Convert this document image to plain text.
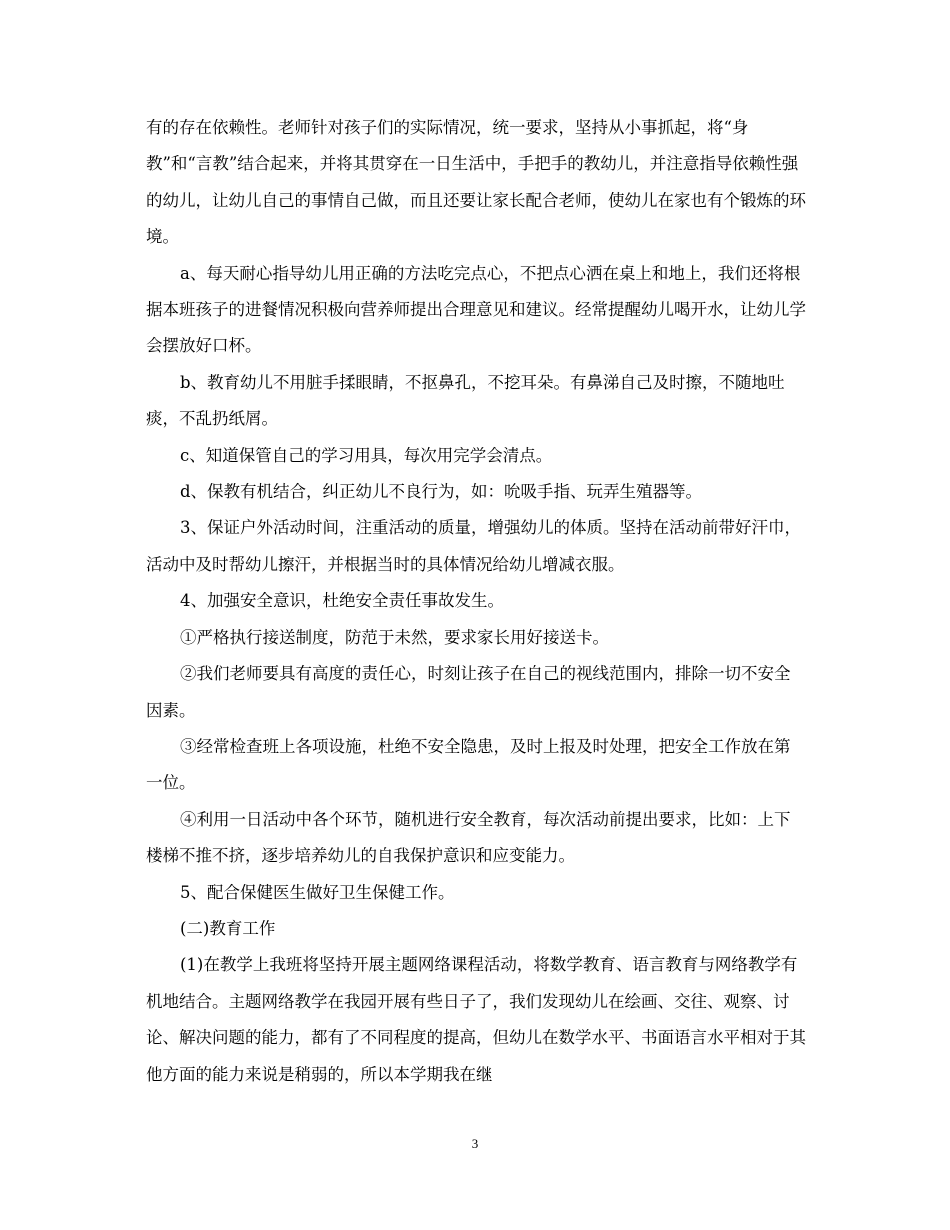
有的存在依赖性。老师针对孩子们的实际情况，统一要求，坚持从小事抓起，将“身教”和“言教”结合起来，并将其贯穿在一日生活中，手把手的教幼儿，并注意指导依赖性强的幼儿，让幼儿自己的事情自己做，而且还要让家长配合老师，使幼儿在家也有个锻炼的环境。

a、每天耐心指导幼儿用正确的方法吃完点心，不把点心洒在桌上和地上，我们还将根据本班孩子的进餐情况积极向营养师提出合理意见和建议。经常提醒幼儿喝开水，让幼儿学会摆放好口杯。

b、教育幼儿不用脏手揉眼睛，不抠鼻孔，不挖耳朵。有鼻涕自己及时擦，不随地吐痰，不乱扔纸屑。

c、知道保管自己的学习用具，每次用完学会清点。

d、保教有机结合，纠正幼儿不良行为，如：吮吸手指、玩弄生殖器等。

3、保证户外活动时间，注重活动的质量，增强幼儿的体质。坚持在活动前带好汗巾，活动中及时帮幼儿擦汗，并根据当时的具体情况给幼儿增减衣服。

4、加强安全意识，杜绝安全责任事故发生。

①严格执行接送制度，防范于未然，要求家长用好接送卡。

②我们老师要具有高度的责任心，时刻让孩子在自己的视线范围内，排除一切不安全因素。

③经常检查班上各项设施，杜绝不安全隐患，及时上报及时处理，把安全工作放在第一位。

④利用一日活动中各个环节，随机进行安全教育，每次活动前提出要求，比如：上下楼梯不推不挤，逐步培养幼儿的自我保护意识和应变能力。

5、配合保健医生做好卫生保健工作。

(二)教育工作

(1)在教学上我班将坚持开展主题网络课程活动，将数学教育、语言教育与网络教学有机地结合。主题网络教学在我园开展有些日子了，我们发现幼儿在绘画、交往、观察、讨论、解决问题的能力，都有了不同程度的提高，但幼儿在数学水平、书面语言水平相对于其他方面的能力来说是稍弱的，所以本学期我在继

3
